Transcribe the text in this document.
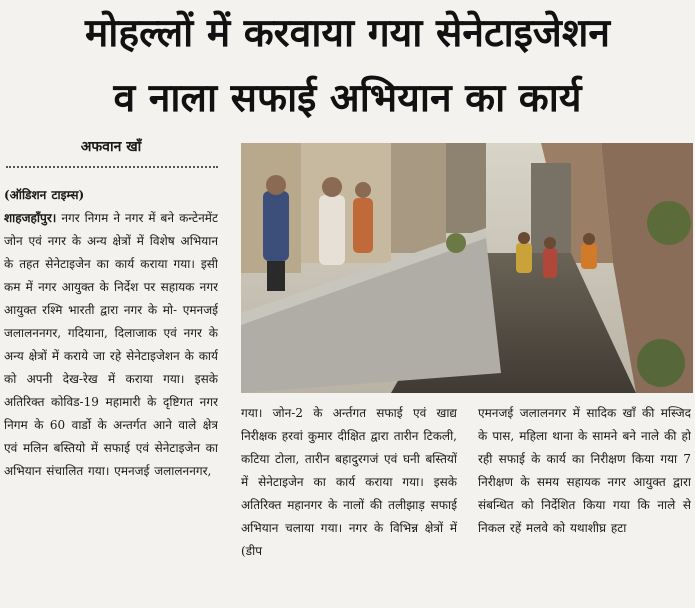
मोहल्लों में करवाया गया सेनेटाइजेशन
व नाला सफाई अभियान का कार्य
अफवान खाँ

(ऑडिशन टाइम्स)

शाहजहाँपुर। नगर निगम ने नगर में बने कन्टेनमेंट जोन एवं नगर के अन्य क्षेत्रों में विशेष अभियान के तहत सेनेटाइजेन का कार्य कराया गया। इसी कम में नगर आयुक्त के निर्देश पर सहायक नगर आयुक्त रश्मि भारती द्वारा नगर के मो- एमनजई जलालननगर, गदियाना, दिलाजाक एवं नगर के अन्य क्षेत्रों में कराये जा रहे सेनेटाइजेशन के कार्य को अपनी देख-रेख में कराया गया। इसके अतिरिक्त कोविड-19 महामारी के दृष्टिगत नगर निगम के 60 वार्डो के अन्तर्गत आने वाले क्षेत्र एवं मलिन बस्तियो में सफाई एवं सेनेटाइजेन का अभियान संचालित गया। एमनजई जलालननगर,

गया। जोन-2 के अर्न्तगत सफाई एवं खाद्य निरीक्षक हरवां कुमार दीक्षित द्वारा तारीन टिकली, कटिया टोला, तारीन बहादुरगजं एवं घनी बस्तियों में सेनेटाइजेन का कार्य कराया गया। इसके अतिरिक्त महानगर के नालों की तलीझाड़ सफाई अभियान चलाया गया। नगर के विभिन्न क्षेत्रों में (डीप

एमनजई जलालनगर में सादिक खाँ की मस्जिद के पास, महिला थाना के सामने बने नाले की हो रही सफाई के कार्य का निरीक्षण किया गया 7 निरीक्षण के समय सहायक नगर आयुक्त द्वारा संबन्धित को निर्देशित किया गया कि नाले से निकल रहें मलवे को यथाशीघ्र हटा
